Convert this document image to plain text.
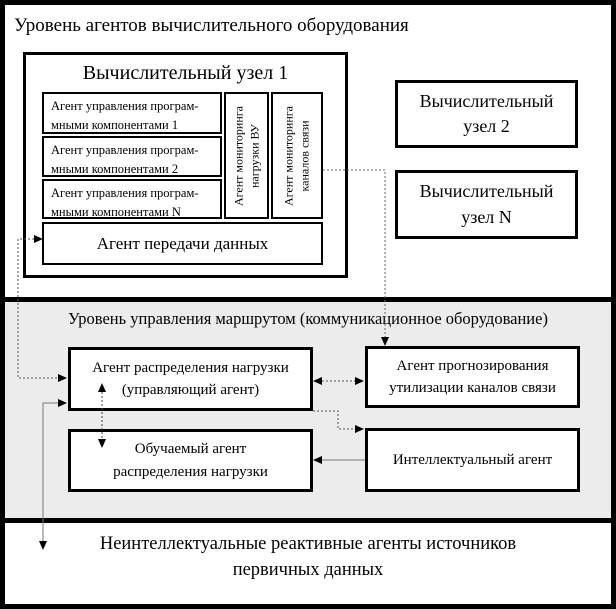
Уровень агентов вычислительного оборудования
Вычислительный узел 1
Агент управления програм-
мными компонентами 1
Агент управления програм-
мными компонентами 2
Агент управления програм-
мными компонентами N
Агент мониторинга нагрузки ВУ Агент мониторинга каналов связи
Агент передачи данных
Вычислительный
узел 2
Вычислительный
узел N
Уровень управления маршрутом (коммуникационное оборудование)
Агент распределения нагрузки
(управляющий агент)
Агент прогнозирования
утилизации каналов связи
Обучаемый агент
распределения нагрузки
Интеллектуальный агент
Неинтеллектуальные реактивные агенты источников
первичных данных
